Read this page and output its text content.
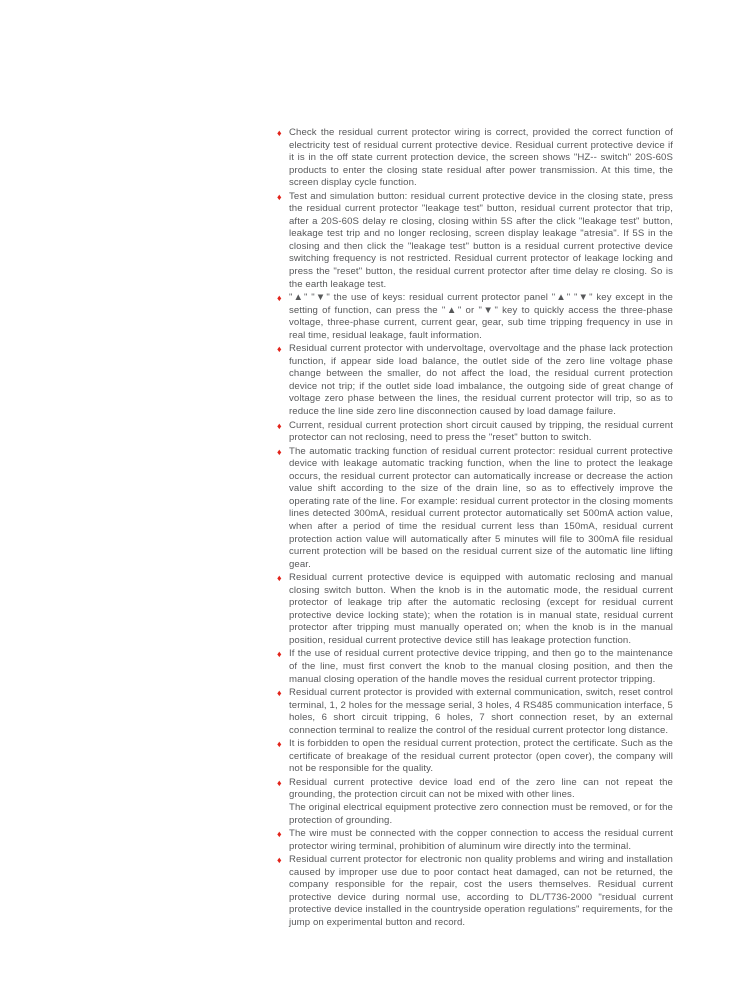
♦ Check the residual current protector wiring is correct, provided the correct function of electricity test of residual current protective device. Residual current protective device if it is in the off state current protection device, the screen shows "HZ-- switch" 20S-60S products to enter the closing state residual after power transmission. At this time, the screen display cycle function.
♦ Test and simulation button: residual current protective device in the closing state, press the residual current protector "leakage test" button, residual current protector that trip, after a 20S-60S delay re closing, closing within 5S after the click "leakage test" button, leakage test trip and no longer reclosing, screen display leakage "atresia". If 5S in the closing and then click the "leakage test" button is a residual current protective device switching frequency is not restricted. Residual current protector of leakage locking and press the "reset" button, the residual current protector after time delay re closing. So is the earth leakage test.
♦ "▲" "▼" the use of keys: residual current protector panel "▲" "▼" key except in the setting of function, can press the "▲" or "▼" key to quickly access the three-phase voltage, three-phase current, current gear, gear, sub time tripping frequency in use in real time, residual leakage, fault information.
♦ Residual current protector with undervoltage, overvoltage and the phase lack protection function, if appear side load balance, the outlet side of the zero line voltage phase change between the smaller, do not affect the load, the residual current protection device not trip; if the outlet side load imbalance, the outgoing side of great change of voltage zero phase between the lines, the residual current protector will trip, so as to reduce the line side zero line disconnection caused by load damage failure.
♦ Current, residual current protection short circuit caused by tripping, the residual current protector can not reclosing, need to press the "reset" button to switch.
♦ The automatic tracking function of residual current protector: residual current protective device with leakage automatic tracking function, when the line to protect the leakage occurs, the residual current protector can automatically increase or decrease the action value shift according to the size of the drain line, so as to effectively improve the operating rate of the line. For example: residual current protector in the closing moments lines detected 300mA, residual current protector automatically set 500mA action value, when after a period of time the residual current less than 150mA, residual current protection action value will automatically after 5 minutes will file to 300mA file residual current protection will be based on the residual current size of the automatic line lifting gear.
♦ Residual current protective device is equipped with automatic reclosing and manual closing switch button. When the knob is in the automatic mode, the residual current protector of leakage trip after the automatic reclosing (except for residual current protective device locking state); when the rotation is in manual state, residual current protector after tripping must manually operated on; when the knob is in the manual position, residual current protective device still has leakage protection function.
♦ If the use of residual current protective device tripping, and then go to the maintenance of the line, must first convert the knob to the manual closing position, and then the manual closing operation of the handle moves the residual current protector tripping.
♦ Residual current protector is provided with external communication, switch, reset control terminal, 1, 2 holes for the message serial, 3 holes, 4 RS485 communication interface, 5 holes, 6 short circuit tripping, 6 holes, 7 short connection reset, by an external connection terminal to realize the control of the residual current protector long distance.
♦ It is forbidden to open the residual current protection, protect the certificate. Such as the certificate of breakage of the residual current protector (open cover), the company will not be responsible for the quality.
♦ Residual current protective device load end of the zero line can not repeat the grounding, the protection circuit can not be mixed with other lines.
The original electrical equipment protective zero connection must be removed, or for the protection of grounding.
♦ The wire must be connected with the copper connection to access the residual current protector wiring terminal, prohibition of aluminum wire directly into the terminal.
♦ Residual current protector for electronic non quality problems and wiring and installation caused by improper use due to poor contact heat damaged, can not be returned, the company responsible for the repair, cost the users themselves. Residual current protective device during normal use, according to DL/T736-2000 "residual current protective device installed in the countryside operation regulations" requirements, for the jump on experimental button and record.
